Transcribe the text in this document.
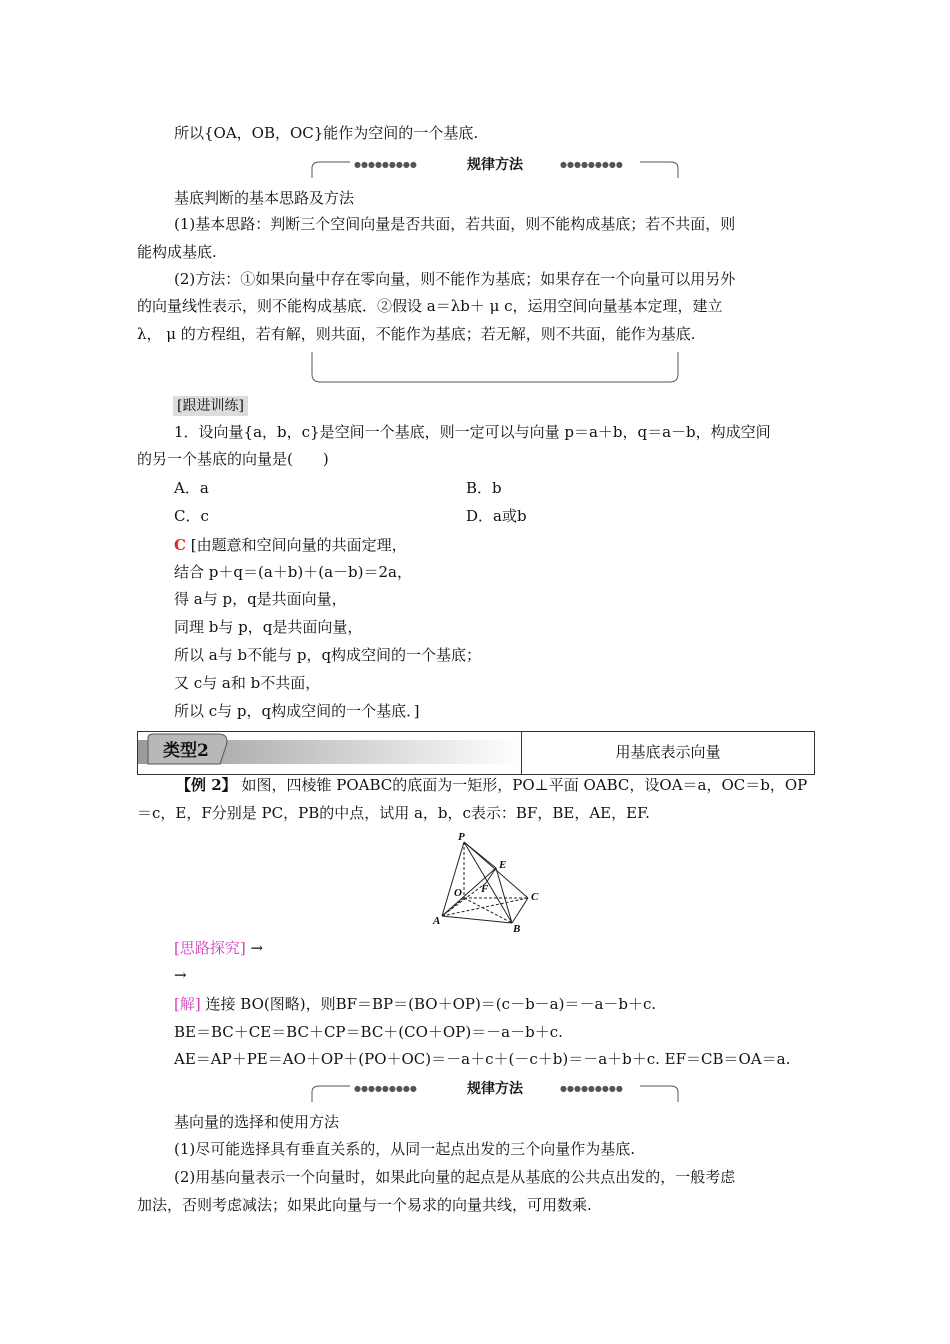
所以{OA，OB，OC}能作为空间的一个基底.
●●●●●●●●●	●●●●●●●●●
规律方法
基底判断的基本思路及方法
(1)基本思路：判断三个空间向量是否共面，若共面，则不能构成基底；若不共面，则
能构成基底.
(2)方法：①如果向量中存在零向量，则不能作为基底；如果存在一个向量可以用另外
的向量线性表示，则不能构成基底．②假设 a＝λb＋ μ c，运用空间向量基本定理，建立
λ， μ 的方程组，若有解，则共面，不能作为基底；若无解，则不共面，能作为基底.
[跟进训练]
1．设向量{a，b，c}是空间一个基底，则一定可以与向量 p＝a＋b，q＝a－b，构成空间
的另一个基底的向量是(　　)
A．a	B．b
C．c	D．a或b
C [由题意和空间向量的共面定理，
结合 p＋q＝(a＋b)＋(a－b)＝2a，
得 a与 p，q是共面向量，
同理 b与 p，q是共面向量，
所以 a与 b不能与 p，q构成空间的一个基底；
又 c与 a和 b不共面，
所以 c与 p，q构成空间的一个基底．]
类型2	用基底表示向量
【例 2】 如图，四棱锥 POABC的底面为一矩形，PO⊥平面 OABC，设OA＝a，OC＝b，OP
＝c，E，F分别是 PC，PB的中点，试用 a，b，c表示：BF，BE，AE，EF.
P
E
O F
C
A
B
[思路探究] →
→
[解] 连接 BO(图略)，则BF＝BP＝(BO＋OP)＝(c－b－a)＝－a－b＋c.
BE＝BC＋CE＝BC＋CP＝BC＋(CO＋OP)＝－a－b＋c.
AE＝AP＋PE＝AO＋OP＋(PO＋OC)＝－a＋c＋(－c＋b)＝－a＋b＋c. EF＝CB＝OA＝a.
●●●●●●●●●	●●●●●●●●●
规律方法
基向量的选择和使用方法
(1)尽可能选择具有垂直关系的，从同一起点出发的三个向量作为基底.
(2)用基向量表示一个向量时，如果此向量的起点是从基底的公共点出发的，一般考虑
加法，否则考虑减法；如果此向量与一个易求的向量共线，可用数乘.
